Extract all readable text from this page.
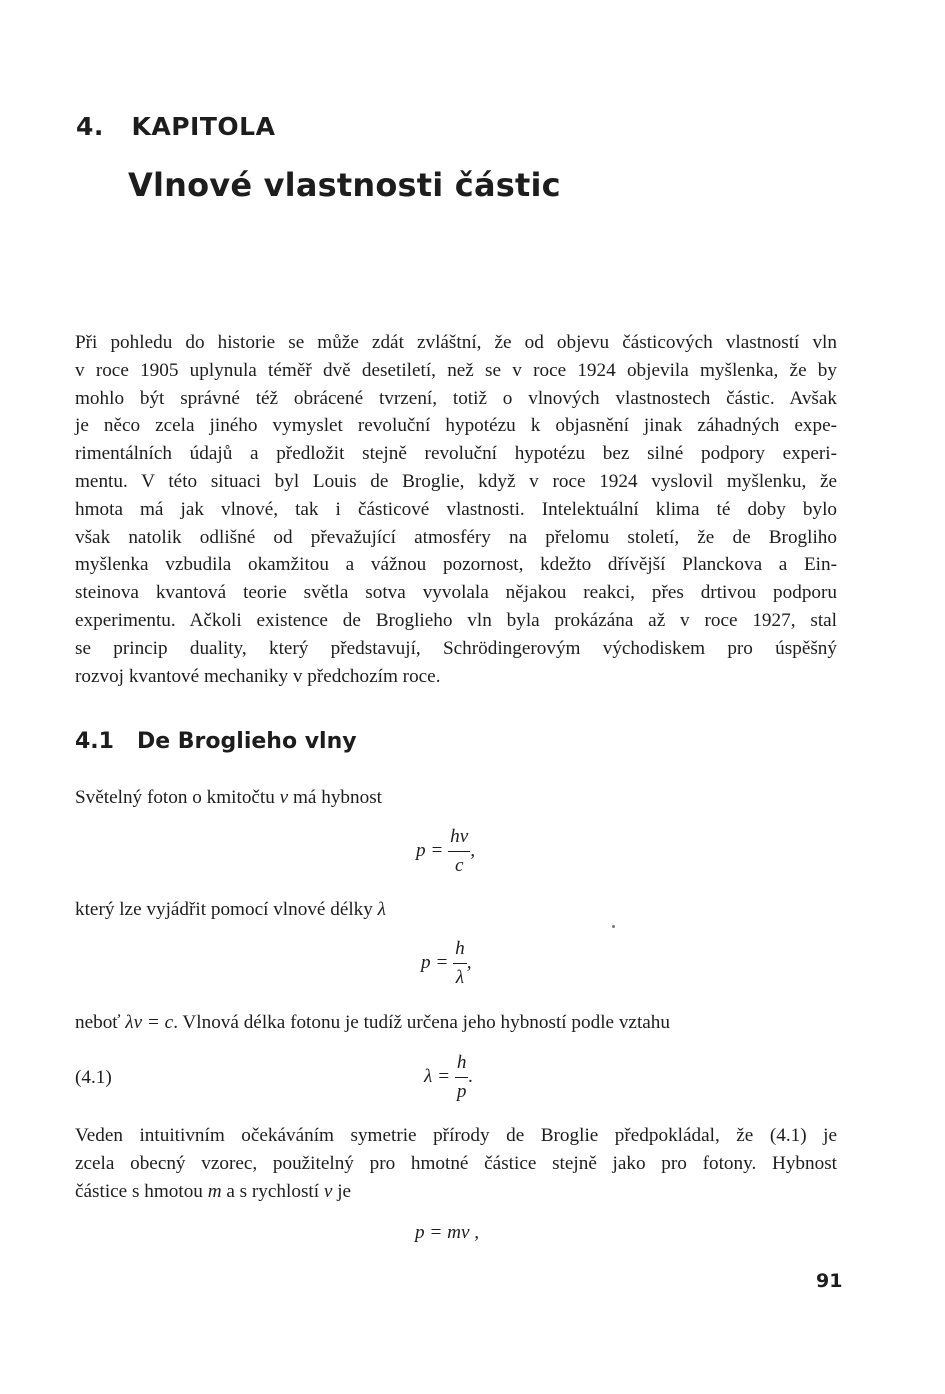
4.   KAPITOLA
Vlnové vlastnosti částic
Při pohledu do historie se může zdát zvláštní, že od objevu částicových vlastností vln
v roce 1905 uplynula téměř dvě desetiletí, než se v roce 1924 objevila myšlenka, že by
mohlo být správné též obrácené tvrzení, totiž o vlnových vlastnostech částic. Avšak
je něco zcela jiného vymyslet revoluční hypotézu k objasnění jinak záhadných expe-
rimentálních údajů a předložit stejně revoluční hypotézu bez silné podpory experi-
mentu. V této situaci byl Louis de Broglie, když v roce 1924 vyslovil myšlenku, že
hmota má jak vlnové, tak i částicové vlastnosti. Intelektuální klima té doby bylo
však natolik odlišné od převažující atmosféry na přelomu století, že de Brogliho
myšlenka vzbudila okamžitou a vážnou pozornost, kdežto dřívější Planckova a Ein-
steinova kvantová teorie světla sotva vyvolala nějakou reakci, přes drtivou podporu
experimentu. Ačkoli existence de Broglieho vln byla prokázána až v roce 1927, stal
se princip duality, který představují, Schrödingerovým východiskem pro úspěšný
rozvoj kvantové mechaniky v předchozím roce.
4.1   De Broglieho vlny
Světelný foton o kmitočtu v má hybnost
$p = \frac{hv}{c}$ ,
který lze vyjádřit pomocí vlnové délky λ
$p = \frac{h}{\lambda}$ ,
neboť λv = c. Vlnová délka fotonu je tudíž určena jeho hybností podle vztahu
(4.1)	$\lambda = \frac{h}{p}$ .
Veden intuitivním očekáváním symetrie přírody de Broglie předpokládal, že (4.1) je
zcela obecný vzorec, použitelný pro hmotné částice stejně jako pro fotony. Hybnost
částice s hmotou m a s rychlostí v je
p = mv ,
91
